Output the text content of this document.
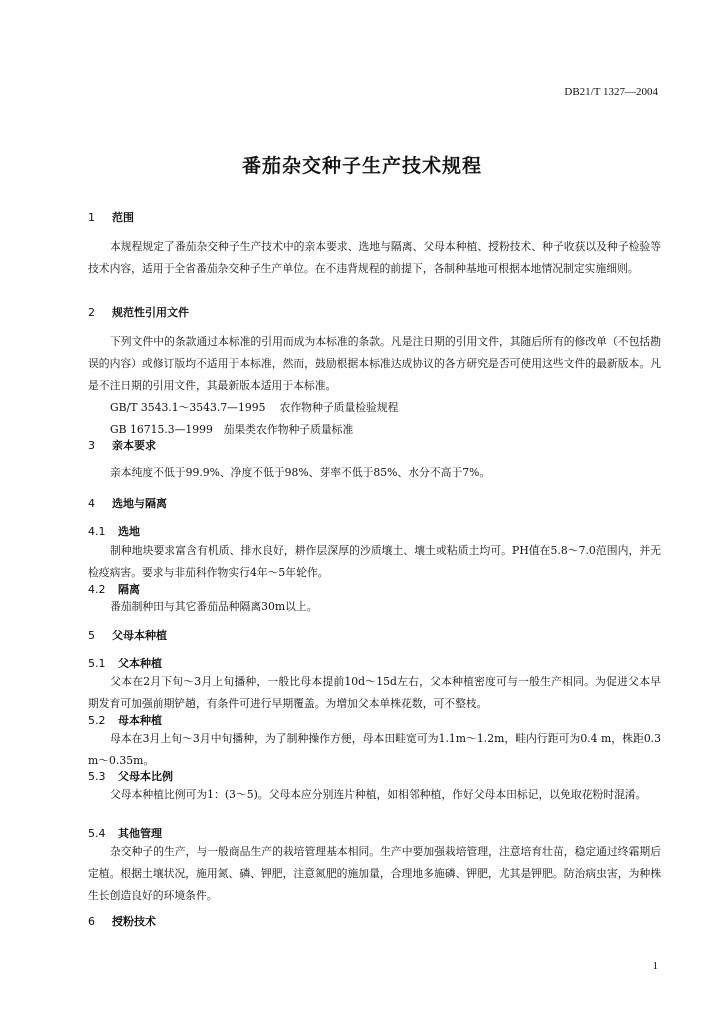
DB21/T 1327—2004
番茄杂交种子生产技术规程
1 范围
本规程规定了番茄杂交种子生产技术中的亲本要求、选地与隔离、父母本种植、授粉技术、种子收获以及种子检验等技术内容，适用于全省番茄杂交种子生产单位。在不违背规程的前提下，各制种基地可根据本地情况制定实施细则。
2 规范性引用文件
下列文件中的条款通过本标准的引用而成为本标准的条款。凡是注日期的引用文件，其随后所有的修改单（不包括勘误的内容）或修订版均不适用于本标准，然而，鼓励根据本标准达成协议的各方研究是否可使用这些文件的最新版本。凡是不注日期的引用文件，其最新版本适用于本标准。
GB/T 3543.1～3543.7—1995　 农作物种子质量检验规程
GB 16715.3—1999　茄果类农作物种子质量标准
3 亲本要求
亲本纯度不低于99.9%、净度不低于98%、芽率不低于85%、水分不高于7%。
4 选地与隔离
4.1 选地
制种地块要求富含有机质、排水良好，耕作层深厚的沙质壤土、壤土或粘质土均可。PH值在5.8～7.0范围内，并无检疫病害。要求与非茄科作物实行4年～5年轮作。
4.2 隔离
番茄制种田与其它番茄品种隔离30m以上。
5 父母本种植
5.1 父本种植
父本在2月下旬～3月上旬播种，一般比母本提前10d～15d左右，父本种植密度可与一般生产相同。为促进父本早期发育可加强前期铲趟，有条件可进行早期覆盖。为增加父本单株花数，可不整枝。
5.2 母本种植
母本在3月上旬～3月中旬播种，为了制种操作方便，母本田畦宽可为1.1m～1.2m，畦内行距可为0.4 m，株距0.3 m～0.35m。
5.3 父母本比例
父母本种植比例可为1：(3～5)。父母本应分别连片种植，如相邻种植，作好父母本田标记，以免取花粉时混淆。
5.4 其他管理
杂交种子的生产，与一般商品生产的栽培管理基本相同。生产中要加强栽培管理，注意培育壮苗，稳定通过终霜期后定植。根据土壤状况，施用氮、磷、钾肥，注意氮肥的施加量，合理地多施磷、钾肥，尤其是钾肥。防治病虫害，为种株生长创造良好的环境条件。
6 授粉技术
1
